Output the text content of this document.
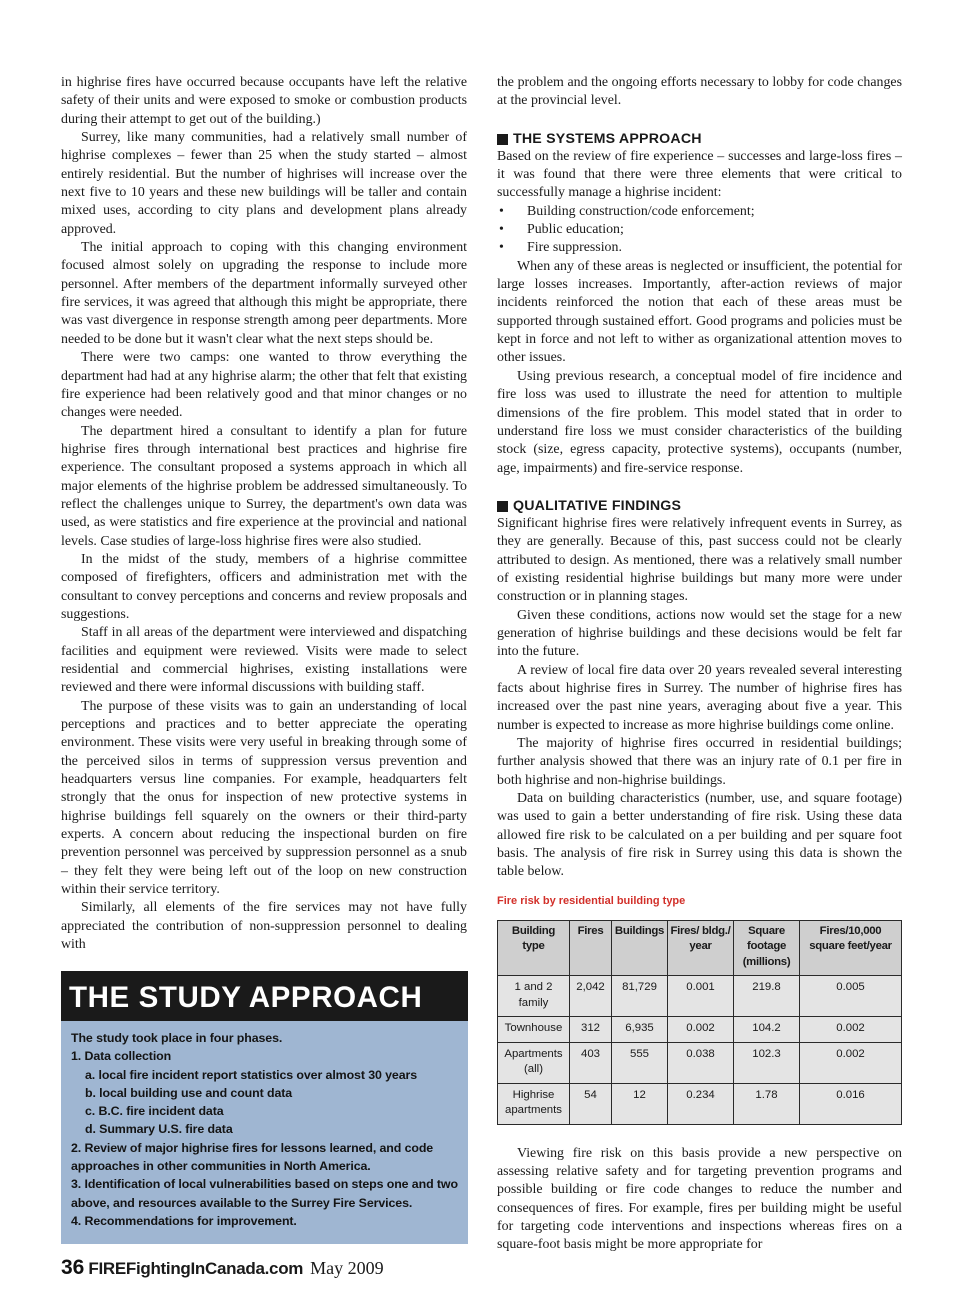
in highrise fires have occurred because occupants have left the relative safety of their units and were exposed to smoke or combustion products during their attempt to get out of the building.)

Surrey, like many communities, had a relatively small number of highrise complexes – fewer than 25 when the study started – almost entirely residential. But the number of highrises will increase over the next five to 10 years and these new buildings will be taller and contain mixed uses, according to city plans and development plans already approved.

The initial approach to coping with this changing environment focused almost solely on upgrading the response to include more personnel. After members of the department informally surveyed other fire services, it was agreed that although this might be appropriate, there was vast divergence in response strength among peer departments. More needed to be done but it wasn't clear what the next steps should be.

There were two camps: one wanted to throw everything the department had had at any highrise alarm; the other that felt that existing fire experience had been relatively good and that minor changes or no changes were needed.

The department hired a consultant to identify a plan for future highrise fires through international best practices and highrise fire experience. The consultant proposed a systems approach in which all major elements of the highrise problem be addressed simultaneously. To reflect the challenges unique to Surrey, the department's own data was used, as were statistics and fire experience at the provincial and national levels. Case studies of large-loss highrise fires were also studied.

In the midst of the study, members of a highrise committee composed of firefighters, officers and administration met with the consultant to convey perceptions and concerns and review proposals and suggestions.

Staff in all areas of the department were interviewed and dispatching facilities and equipment were reviewed. Visits were made to select residential and commercial highrises, existing installations were reviewed and there were informal discussions with building staff.

The purpose of these visits was to gain an understanding of local perceptions and practices and to better appreciate the operating environment. These visits were very useful in breaking through some of the perceived silos in terms of suppression versus prevention and headquarters versus line companies. For example, headquarters felt strongly that the onus for inspection of new protective systems in highrise buildings fell squarely on the owners or their third-party experts. A concern about reducing the inspectional burden on fire prevention personnel was perceived by suppression personnel as a snub – they felt they were being left out of the loop on new construction within their service territory.

Similarly, all elements of the fire services may not have fully appreciated the contribution of non-suppression personnel to dealing with

the problem and the ongoing efforts necessary to lobby for code changes at the provincial level.

THE SYSTEMS APPROACH

Based on the review of fire experience – successes and large-loss fires – it was found that there were three elements that were critical to successfully manage a highrise incident:

• Building construction/code enforcement;
• Public education;
• Fire suppression.

When any of these areas is neglected or insufficient, the potential for large losses increases. Importantly, after-action reviews of major incidents reinforced the notion that each of these areas must be supported through sustained effort. Good programs and policies must be kept in force and not left to wither as organizational attention moves to other issues.

Using previous research, a conceptual model of fire incidence and fire loss was used to illustrate the need for attention to multiple dimensions of the fire problem. This model stated that in order to understand fire loss we must consider characteristics of the building stock (size, egress capacity, protective systems), occupants (number, age, impairments) and fire-service response.

QUALITATIVE FINDINGS

Significant highrise fires were relatively infrequent events in Surrey, as they are generally. Because of this, past success could not be clearly attributed to design. As mentioned, there was a relatively small number of existing residential highrise buildings but many more were under construction or in planning stages.

Given these conditions, actions now would set the stage for a new generation of highrise buildings and these decisions would be felt far into the future.

A review of local fire data over 20 years revealed several interesting facts about highrise fires in Surrey. The number of highrise fires has increased over the past nine years, averaging about five a year. This number is expected to increase as more highrise buildings come online.

The majority of highrise fires occurred in residential buildings; further analysis showed that there was an injury rate of 0.1 per fire in both highrise and non-highrise buildings.

Data on building characteristics (number, use, and square footage) was used to gain a better understanding of fire risk. Using these data allowed fire risk to be calculated on a per building and per square foot basis. The analysis of fire risk in Surrey using this data is shown the table below.

Fire risk by residential building type
Building type	Fires	Buildings	Fires/ bldg./ year	Square footage (millions)	Fires/10,000 square feet/year
1 and 2 family	2,042	81,729	0.001	219.8	0.005
Townhouse	312	6,935	0.002	104.2	0.002
Apartments (all)	403	555	0.038	102.3	0.002
Highrise apartments	54	12	0.234	1.78	0.016

Viewing fire risk on this basis provide a new perspective on assessing relative safety and for targeting prevention programs and possible building or fire code changes to reduce the number and consequences of fires. For example, fires per building might be useful for targeting code interventions and inspections whereas fires on a square-foot basis might be more appropriate for

THE STUDY APPROACH
The study took place in four phases.
1. Data collection
a. local fire incident report statistics over almost 30 years
b. local building use and count data
c. B.C. fire incident data
d. Summary U.S. fire data
2. Review of major highrise fires for lessons learned, and code approaches in other communities in North America.
3. Identification of local vulnerabilities based on steps one and two above, and resources available to the Surrey Fire Services.
4. Recommendations for improvement.
36 FIREFightingInCanada.com May 2009
